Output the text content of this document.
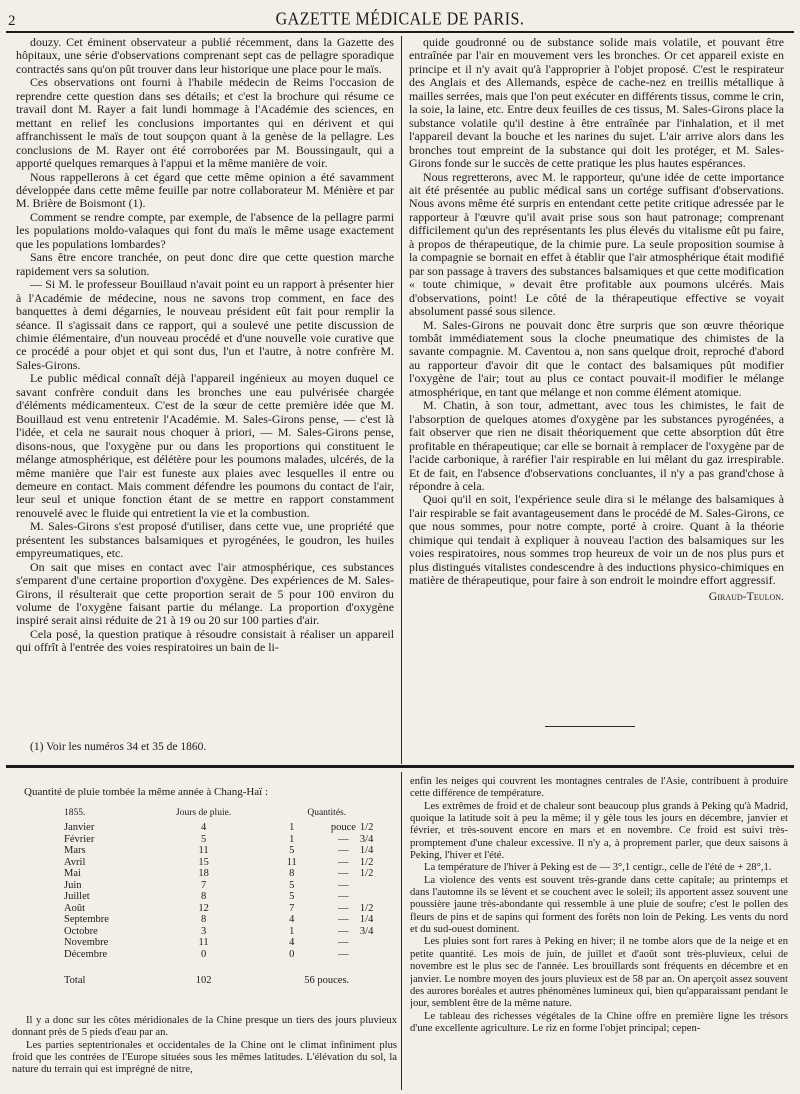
2	GAZETTE MÉDICALE DE PARIS.

douzy. Cet éminent observateur a publié récemment, dans la Gazette des hôpitaux, une série d'observations comprenant sept cas de pellagre sporadique contractés sans qu'on pût trouver dans leur historique une place pour le maïs.

Ces observations ont fourni à l'habile médecin de Reims l'occasion de reprendre cette question dans ses détails; et c'est la brochure qui résume ce travail dont M. Rayer a fait lundi hommage à l'Académie des sciences, en mettant en relief les conclusions importantes qui en dérivent et qui affranchissent le maïs de tout soupçon quant à la genèse de la pellagre. Les conclusions de M. Rayer ont été corroborées par M. Boussingault, qui a apporté quelques remarques à l'appui et la même manière de voir.

Nous rappellerons à cet égard que cette même opinion a été savamment développée dans cette même feuille par notre collaborateur M. Ménière et par M. Brière de Boismont (1).

Comment se rendre compte, par exemple, de l'absence de la pellagre parmi les populations moldo-valaques qui font du maïs le même usage exactement que les populations lombardes?

Sans être encore tranchée, on peut donc dire que cette question marche rapidement vers sa solution.

— Si M. le professeur Bouillaud n'avait point eu un rapport à présenter hier à l'Académie de médecine, nous ne savons trop comment, en face des banquettes à demi dégarnies, le nouveau président eût fait pour remplir la séance. Il s'agissait dans ce rapport, qui a soulevé une petite discussion de chimie élémentaire, d'un nouveau procédé et d'une nouvelle voie curative que ce procédé a pour objet et qui sont dus, l'un et l'autre, à notre confrère M. Sales-Girons.

Le public médical connaît déjà l'appareil ingénieux au moyen duquel ce savant confrère conduit dans les bronches une eau pulvérisée chargée d'éléments médicamenteux. C'est de la sœur de cette première idée que M. Bouillaud est venu entretenir l'Académie. M. Sales-Girons pense, — c'est là l'idée, et cela ne saurait nous choquer à priori, — M. Sales-Girons pense, disons-nous, que l'oxygène pur ou dans les proportions qui constituent le mélange atmosphérique, est délétère pour les poumons malades, ulcérés, de la même manière que l'air est funeste aux plaies avec lesquelles il entre ou demeure en contact. Mais comment défendre les poumons du contact de l'air, leur seul et unique fonction étant de se mettre en rapport constamment renouvelé avec le fluide qui entretient la vie et la combustion.

M. Sales-Girons s'est proposé d'utiliser, dans cette vue, une propriété que présentent les substances balsamiques et pyrogénées, le goudron, les huiles empyreumatiques, etc.

On sait que mises en contact avec l'air atmosphérique, ces substances s'emparent d'une certaine proportion d'oxygène. Des expériences de M. Sales-Girons, il résulterait que cette proportion serait de 5 pour 100 environ du volume de l'oxygène faisant partie du mélange. La proportion d'oxygène inspiré serait ainsi réduite de 21 à 19 ou 20 sur 100 parties d'air.

Cela posé, la question pratique à résoudre consistait à réaliser un appareil qui offrît à l'entrée des voies respiratoires un bain de li-

quide goudronné ou de substance solide mais volatile, et pouvant être entraînée par l'air en mouvement vers les bronches. Or cet appareil existe en principe et il n'y avait qu'à l'approprier à l'objet proposé. C'est le respirateur des Anglais et des Allemands, espèce de cache-nez en treillis métallique à mailles serrées, mais que l'on peut exécuter en différents tissus, comme le crin, la soie, la laine, etc. Entre deux feuilles de ces tissus, M. Sales-Girons place la substance volatile qu'il destine à être entraînée par l'inhalation, et il met l'appareil devant la bouche et les narines du sujet. L'air arrive alors dans les bronches tout empreint de la substance qui doit les protéger, et M. Sales-Girons fonde sur le succès de cette pratique les plus hautes espérances.

Nous regretterons, avec M. le rapporteur, qu'une idée de cette importance ait été présentée au public médical sans un cortége suffisant d'observations. Nous avons même été surpris en entendant cette petite critique adressée par le rapporteur à l'œuvre qu'il avait prise sous son haut patronage; comprenant difficilement qu'un des représentants les plus élevés du vitalisme eût pu faire, à propos de thérapeutique, de la chimie pure. La seule proposition soumise à la compagnie se bornait en effet à établir que l'air atmosphérique était modifié par son passage à travers des substances balsamiques et que cette modification « toute chimique, » devait être profitable aux poumons ulcérés. Mais d'observations, point! Le côté de la thérapeutique effective se voyait absolument passé sous silence.

M. Sales-Girons ne pouvait donc être surpris que son œuvre théorique tombât immédiatement sous la cloche pneumatique des chimistes de la savante compagnie. M. Caventou a, non sans quelque droit, reproché d'abord au rapporteur d'avoir dit que le contact des balsamiques pût modifier l'oxygène de l'air; tout au plus ce contact pouvait-il modifier le mélange atmosphérique, en tant que mélange et non comme élément atomique.

M. Chatin, à son tour, admettant, avec tous les chimistes, le fait de l'absorption de quelques atomes d'oxygène par les substances pyrogénées, a fait observer que rien ne disait théoriquement que cette absorption dût être profitable en thérapeutique; car elle se bornait à remplacer de l'oxygène par de l'acide carbonique, à raréfier l'air respirable en lui mêlant du gaz irrespirable. Et de fait, en l'absence d'observations concluantes, il n'y a pas grand'chose à répondre à cela.

Quoi qu'il en soit, l'expérience seule dira si le mélange des balsamiques à l'air respirable se fait avantageusement dans le procédé de M. Sales-Girons, ce que nous sommes, pour notre compte, porté à croire. Quant à la théorie chimique qui tendait à expliquer à nouveau l'action des balsamiques sur les voies respiratoires, nous sommes trop heureux de voir un de nos plus purs et plus distingués vitalistes condescendre à des inductions physico-chimiques en matière de thérapeutique, pour faire à son endroit le moindre effort aggressif.

Giraud-Teulon.

(1) Voir les numéros 34 et 35 de 1860.
Quantité de pluie tombée la même année à Chang-Haï :
1855.	Jours de pluie.	Quantités.		
Janvier	4	1	pouce	1/2
Février	5	1	—	3/4
Mars	11	5	—	1/4
Avril	15	11	—	1/2
Mai	18	8	—	1/2
Juin	7	5	—	
Juillet	8	5	—	
Août	12	7	—	1/2
Septembre	8	4	—	1/4
Octobre	3	1	—	3/4
Novembre	11	4	—	
Décembre	0	0	—	
Total	102	56 pouces.		

Il y a donc sur les côtes méridionales de la Chine presque un tiers des jours pluvieux donnant près de 5 pieds d'eau par an.

Les parties septentrionales et occidentales de la Chine ont le climat infiniment plus froid que les contrées de l'Europe situées sous les mêmes latitudes. L'élévation du sol, la nature du terrain qui est imprégné de nitre,

enfin les neiges qui couvrent les montagnes centrales de l'Asie, contribuent à produire cette différence de température.

Les extrêmes de froid et de chaleur sont beaucoup plus grands à Peking qu'à Madrid, quoique la latitude soit à peu la même; il y gèle tous les jours en décembre, janvier et février, et très-souvent encore en mars et en novembre. Ce froid est suivi très-promptement d'une chaleur excessive. Il n'y a, à proprement parler, que deux saisons à Peking, l'hiver et l'été.

La température de l'hiver à Peking est de — 3°,1 centigr., celle de l'été de + 28°,1.

La violence des vents est souvent très-grande dans cette capitale; au printemps et dans l'automne ils se lèvent et se couchent avec le soleil; ils apportent assez souvent une poussière jaune très-abondante qui ressemble à une pluie de soufre; c'est le pollen des fleurs de pins et de sapins qui forment des forêts non loin de Peking. Les vents du nord et du sud-ouest dominent.

Les pluies sont fort rares à Peking en hiver; il ne tombe alors que de la neige et en petite quantité. Les mois de juin, de juillet et d'août sont très-pluvieux, celui de novembre est le plus sec de l'année. Les brouillards sont fréquents en décembre et en janvier. Le nombre moyen des jours pluvieux est de 58 par an. On aperçoit assez souvent des aurores boréales et autres phénomènes lumineux qui, bien qu'apparaissant pendant le jour, semblent être de la même nature.

Le tableau des richesses végétales de la Chine offre en première ligne les trésors d'une excellente agriculture. Le riz en forme l'objet principal; cepen-
